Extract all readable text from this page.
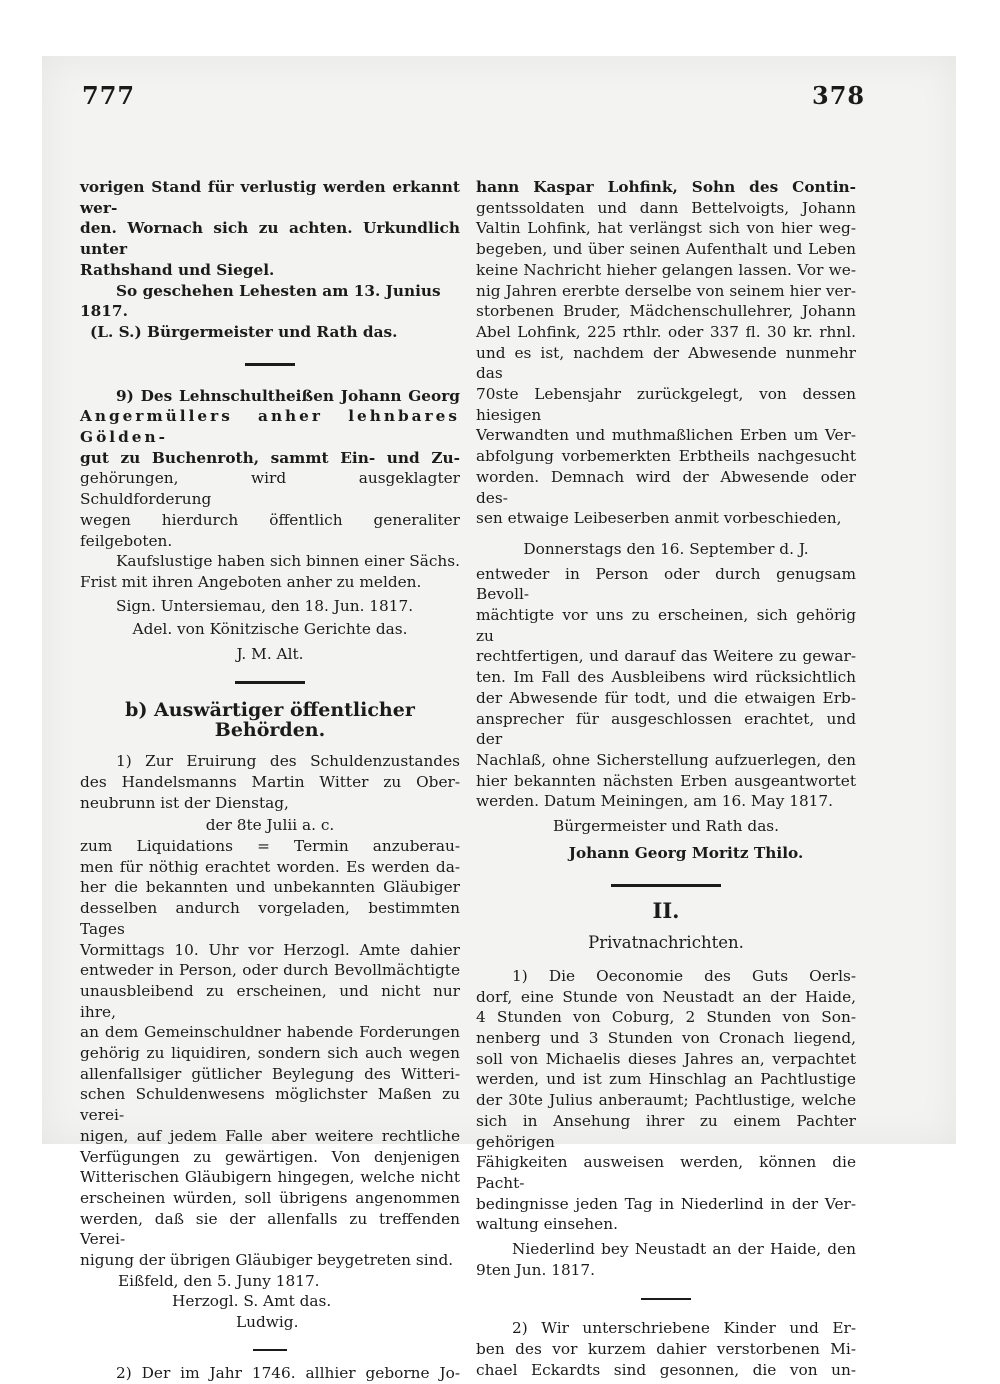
777	378

vorigen Stand für verlustig werden erkannt wer-

den. Wornach sich zu achten. Urkundlich unter

Rathshand und Siegel.

So geschehen Lehesten am 13. Junius 1817.

(L. S.) Bürgermeister und Rath das.

9) Des Lehnschultheißen Johann Georg

Angermüllers anher lehnbares Gölden-

gut zu Buchenroth, sammt Ein- und Zu-

gehörungen, wird ausgeklagter Schuldforderung

wegen hierdurch öffentlich generaliter feilgeboten.

Kaufslustige haben sich binnen einer Sächs.

Frist mit ihren Angeboten anher zu melden.

Sign. Untersiemau, den 18. Jun. 1817.

Adel. von Könitzische Gerichte das.

J. M. Alt.

b) Auswärtiger öffentlicher Behörden.

1) Zur Eruirung des Schuldenzustandes

des Handelsmanns Martin Witter zu Ober-

neubrunn ist der Dienstag,

der 8te Julii a. c.

zum Liquidations = Termin anzuberau-

men für nöthig erachtet worden. Es werden da-

her die bekannten und unbekannten Gläubiger

desselben andurch vorgeladen, bestimmten Tages

Vormittags 10. Uhr vor Herzogl. Amte dahier

entweder in Person, oder durch Bevollmächtigte

unausbleibend zu erscheinen, und nicht nur ihre,

an dem Gemeinschuldner habende Forderungen

gehörig zu liquidiren, sondern sich auch wegen

allenfallsiger gütlicher Beylegung des Witteri-

schen Schuldenwesens möglichster Maßen zu verei-

nigen, auf jedem Falle aber weitere rechtliche

Verfügungen zu gewärtigen. Von denjenigen

Witterischen Gläubigern hingegen, welche nicht

erscheinen würden, soll übrigens angenommen

werden, daß sie der allenfalls zu treffenden Verei-

nigung der übrigen Gläubiger beygetreten sind.

Eißfeld, den 5. Juny 1817.

Herzogl. S. Amt das.

Ludwig.

2) Der im Jahr 1746. allhier geborne Jo-

hann Kaspar Lohfink, Sohn des Contin-

gentssoldaten und dann Bettelvoigts, Johann

Valtin Lohfink, hat verlängst sich von hier weg-

begeben, und über seinen Aufenthalt und Leben

keine Nachricht hieher gelangen lassen. Vor we-

nig Jahren ererbte derselbe von seinem hier ver-

storbenen Bruder, Mädchenschullehrer, Johann

Abel Lohfink, 225 rthlr. oder 337 fl. 30 kr. rhnl.

und es ist, nachdem der Abwesende nunmehr das

70ste Lebensjahr zurückgelegt, von dessen hiesigen

Verwandten und muthmaßlichen Erben um Ver-

abfolgung vorbemerkten Erbtheils nachgesucht

worden. Demnach wird der Abwesende oder des-

sen etwaige Leibeserben anmit vorbeschieden,

Donnerstags den 16. September d. J.

entweder in Person oder durch genugsam Bevoll-

mächtigte vor uns zu erscheinen, sich gehörig zu

rechtfertigen, und darauf das Weitere zu gewar-

ten. Im Fall des Ausbleibens wird rücksichtlich

der Abwesende für todt, und die etwaigen Erb-

ansprecher für ausgeschlossen erachtet, und der

Nachlaß, ohne Sicherstellung aufzuerlegen, den

hier bekannten nächsten Erben ausgeantwortet

werden. Datum Meiningen, am 16. May 1817.

Bürgermeister und Rath das.

Johann Georg Moritz Thilo.

II.

Privatnachrichten.

1) Die Oeconomie des Guts Oerls-

dorf, eine Stunde von Neustadt an der Haide,

4 Stunden von Coburg, 2 Stunden von Son-

nenberg und 3 Stunden von Cronach liegend,

soll von Michaelis dieses Jahres an, verpachtet

werden, und ist zum Hinschlag an Pachtlustige

der 30te Julius anberaumt; Pachtlustige, welche

sich in Ansehung ihrer zu einem Pachter gehörigen

Fähigkeiten ausweisen werden, können die Pacht-

bedingnisse jeden Tag in Niederlind in der Ver-

waltung einsehen.

Niederlind bey Neustadt an der Haide, den

9ten Jun. 1817.

2) Wir unterschriebene Kinder und Er-

ben des vor kurzem dahier verstorbenen Mi-

chael Eckardts sind gesonnen, die von un-
